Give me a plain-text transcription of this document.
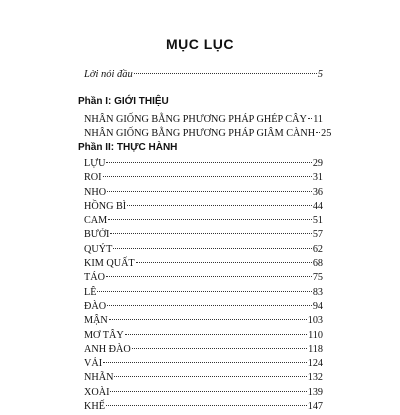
MỤC LỤC
Lời nói đầu	5
Phần I: GIỚI THIỆU
NHÂN GIỐNG BẰNG PHƯƠNG PHÁP GHÉP CÂY 11
NHÂN GIỐNG BẰNG PHƯƠNG PHÁP GIÂM CÀNH 25
Phần II: THỰC HÀNH
LỰU	29
ROI	31
NHO	36
HỒNG BÌ	44
CAM	51
BƯỞI	57
QUÝT	62
KIM QUẤT	68
TÁO	75
LÊ	83
ĐÀO	94
MẬN	103
MƠ TÂY	110
ANH ĐÀO	118
VẢI	124
NHÃN	132
XOÀI	139
KHẾ	147
